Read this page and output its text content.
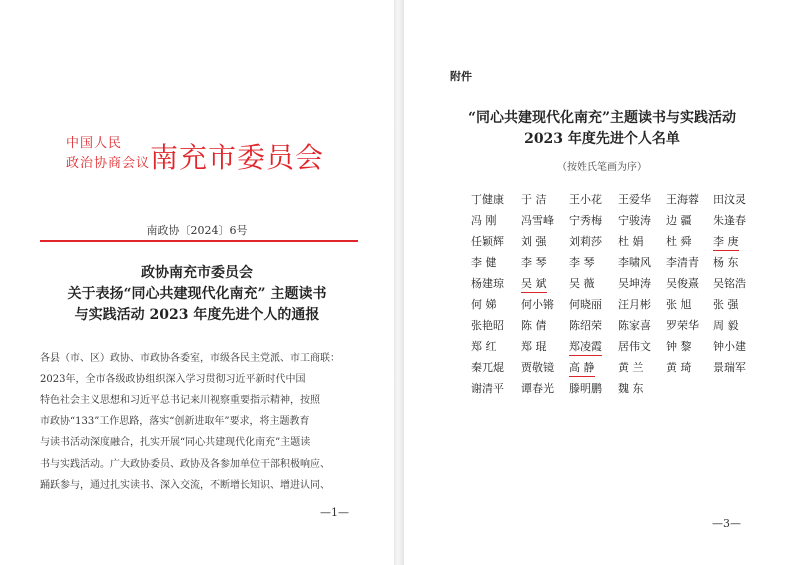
中国人民
政治协商会议 南充市委员会
南政协〔2024〕6号
政协南充市委员会
关于表扬“同心共建现代化南充” 主题读书
与实践活动 2023 年度先进个人的通报
各县（市、区）政协、市政协各委室，市级各民主党派、市工商联：
2023年，全市各级政协组织深入学习贯彻习近平新时代中国
特色社会主义思想和习近平总书记来川视察重要指示精神，按照
市政协“133”工作思路，落实“创新进取年”要求，将主题教育
与读书活动深度融合，扎实开展“同心共建现代化南充”主题读
书与实践活动。广大政协委员、政协及各参加单位干部积极响应、
踊跃参与，通过扎实读书、深入交流，不断增长知识、增进认同、
—1—
附件
“同心共建现代化南充”主题读书与实践活动
2023 年度先进个人名单
（按姓氏笔画为序）
丁健康 于 洁 王小花 王爱华 王海蓉 田汶灵
冯 刚 冯雪峰 宁秀梅 宁骏涛 边 疆 朱逢春
任颖辉 刘 强 刘莉莎 杜 娟 杜 舜 李 庚
李 健 李 琴 李 琴 李啸风 李清青 杨 东
杨建琼 吴 斌 吴 薇 吴坤涛 吴俊熹 吴铭浩
何 娣 何小锵 何晓丽 汪月彬 张 旭 张 强
张艳昭 陈 倩 陈绍荣 陈家喜 罗荣华 周 毅
郑 红 郑 琨 郑凌霞 居伟文 钟 黎 钟小建
秦兀焜 贾敬镜 高 静 黄 兰 黄 琦 景瑞军
谢清平 谭春光 滕明鹏 魏 东
—3—
